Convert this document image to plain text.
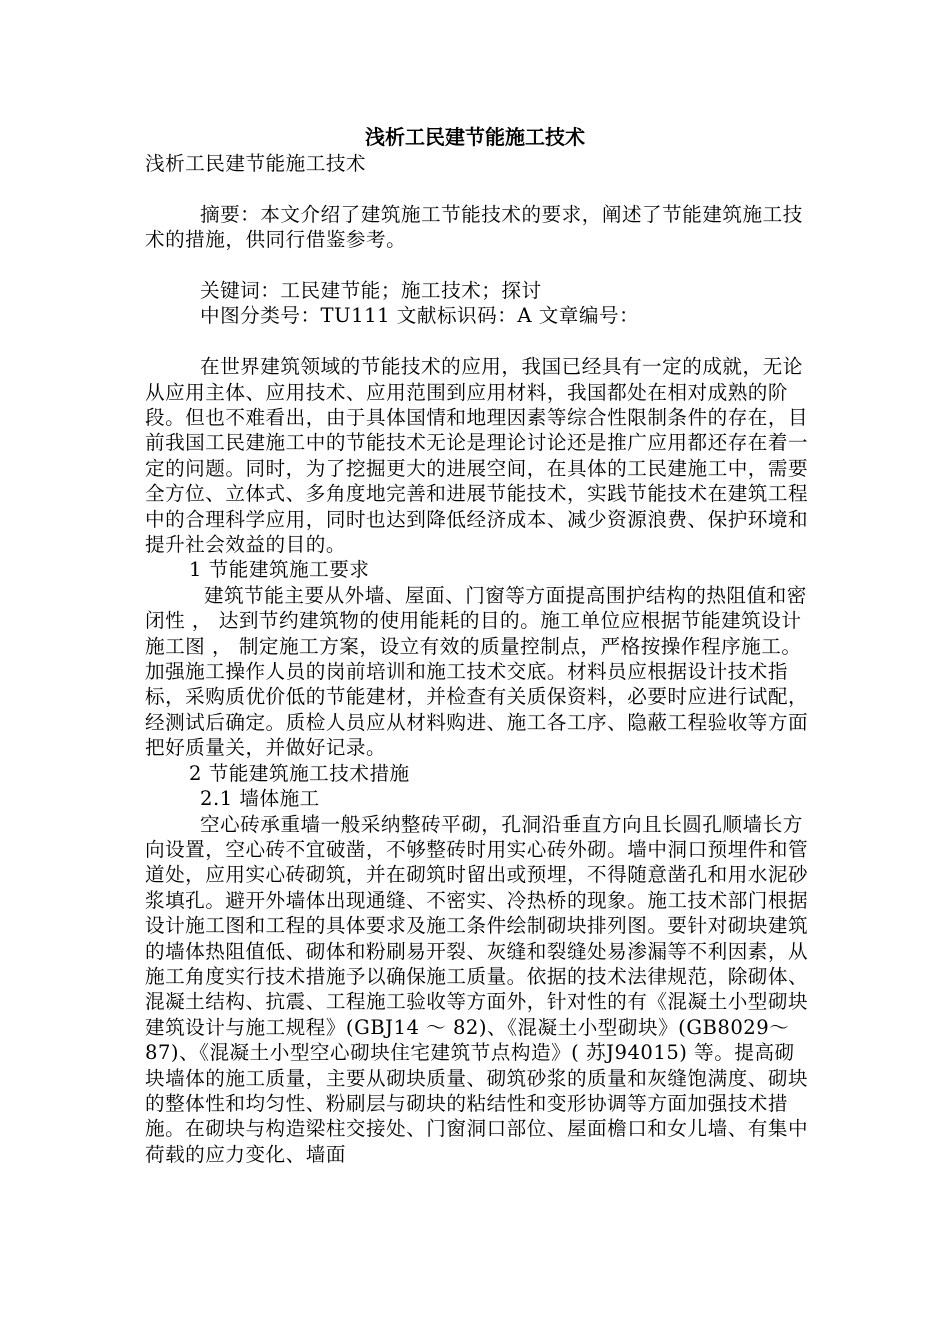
浅析工民建节能施工技术

浅析工民建节能施工技术

摘要：本文介绍了建筑施工节能技术的要求，阐述了节能建筑施工技术的措施，供同行借鉴参考。

关键词：工民建节能；施工技术；探讨

中图分类号：TU111 文献标识码：A 文章编号：

在世界建筑领域的节能技术的应用，我国已经具有一定的成就，无论从应用主体、应用技术、应用范围到应用材料，我国都处在相对成熟的阶段。但也不难看出，由于具体国情和地理因素等综合性限制条件的存在，目前我国工民建施工中的节能技术无论是理论讨论还是推广应用都还存在着一定的问题。同时，为了挖掘更大的进展空间，在具体的工民建施工中，需要全方位、立体式、多角度地完善和进展节能技术，实践节能技术在建筑工程中的合理科学应用，同时也达到降低经济成本、减少资源浪费、保护环境和提升社会效益的目的。

1 节能建筑施工要求

建筑节能主要从外墙、屋面、门窗等方面提高围护结构的热阻值和密闭性 ， 达到节约建筑物的使用能耗的目的。施工单位应根据节能建筑设计施工图 ， 制定施工方案，设立有效的质量控制点，严格按操作程序施工。加强施工操作人员的岗前培训和施工技术交底。材料员应根据设计技术指标，采购质优价低的节能建材，并检查有关质保资料，必要时应进行试配，经测试后确定。质检人员应从材料购进、施工各工序、隐蔽工程验收等方面把好质量关，并做好记录。

2 节能建筑施工技术措施

2.1 墙体施工

空心砖承重墙一般采纳整砖平砌，孔洞沿垂直方向且长圆孔顺墙长方向设置，空心砖不宜破凿，不够整砖时用实心砖外砌。墙中洞口预埋件和管道处，应用实心砖砌筑，并在砌筑时留出或预埋，不得随意凿孔和用水泥砂浆填孔。避开外墙体出现通缝、不密实、冷热桥的现象。施工技术部门根据设计施工图和工程的具体要求及施工条件绘制砌块排列图。要针对砌块建筑的墙体热阻值低、砌体和粉刷易开裂、灰缝和裂缝处易渗漏等不利因素，从施工角度实行技术措施予以确保施工质量。依据的技术法律规范，除砌体、混凝土结构、抗震、工程施工验收等方面外，针对性的有《混凝土小型砌块建筑设计与施工规程》(GBJ14 ～ 82)、《混凝土小型砌块》(GB8029～87)、《混凝土小型空心砌块住宅建筑节点构造》( 苏J94015) 等。提高砌块墙体的施工质量，主要从砌块质量、砌筑砂浆的质量和灰缝饱满度、砌块的整体性和均匀性、粉刷层与砌块的粘结性和变形协调等方面加强技术措施。在砌块与构造梁柱交接处、门窗洞口部位、屋面檐口和女儿墙、有集中荷载的应力变化、墙面
